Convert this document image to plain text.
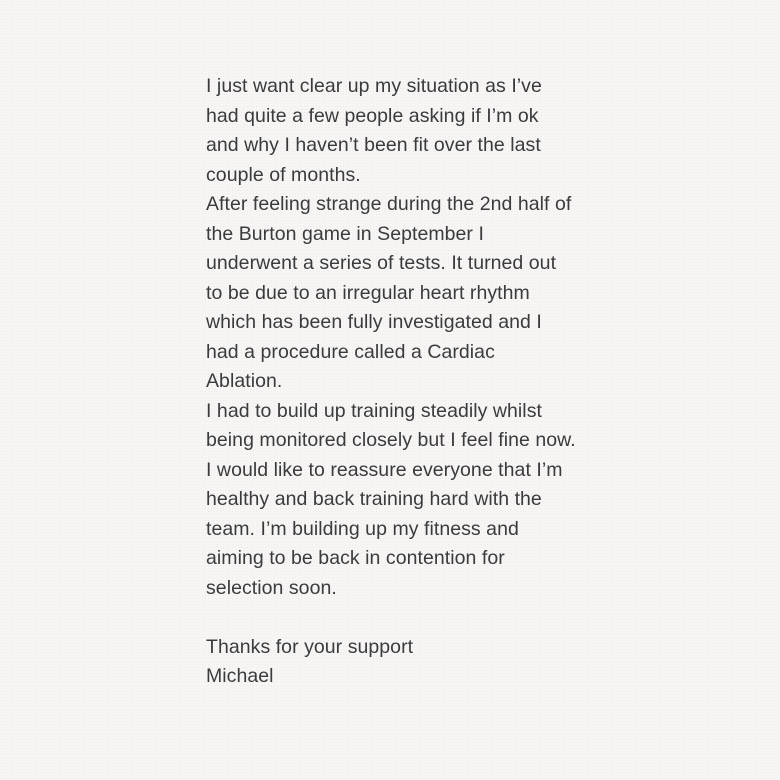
I just want clear up my situation as I’ve
had quite a few people asking if I’m ok
and why I haven’t been fit over the last
couple of months.
After feeling strange during the 2nd half of
the Burton game in September I
underwent a series of tests. It turned out
to be due to an irregular heart rhythm
which has been fully investigated and I
had a procedure called a Cardiac
Ablation.
I had to build up training steadily whilst
being monitored closely but I feel fine now.
I would like to reassure everyone that I’m
healthy and back training hard with the
team. I’m building up my fitness and
aiming to be back in contention for
selection soon.
Thanks for your support
Michael
